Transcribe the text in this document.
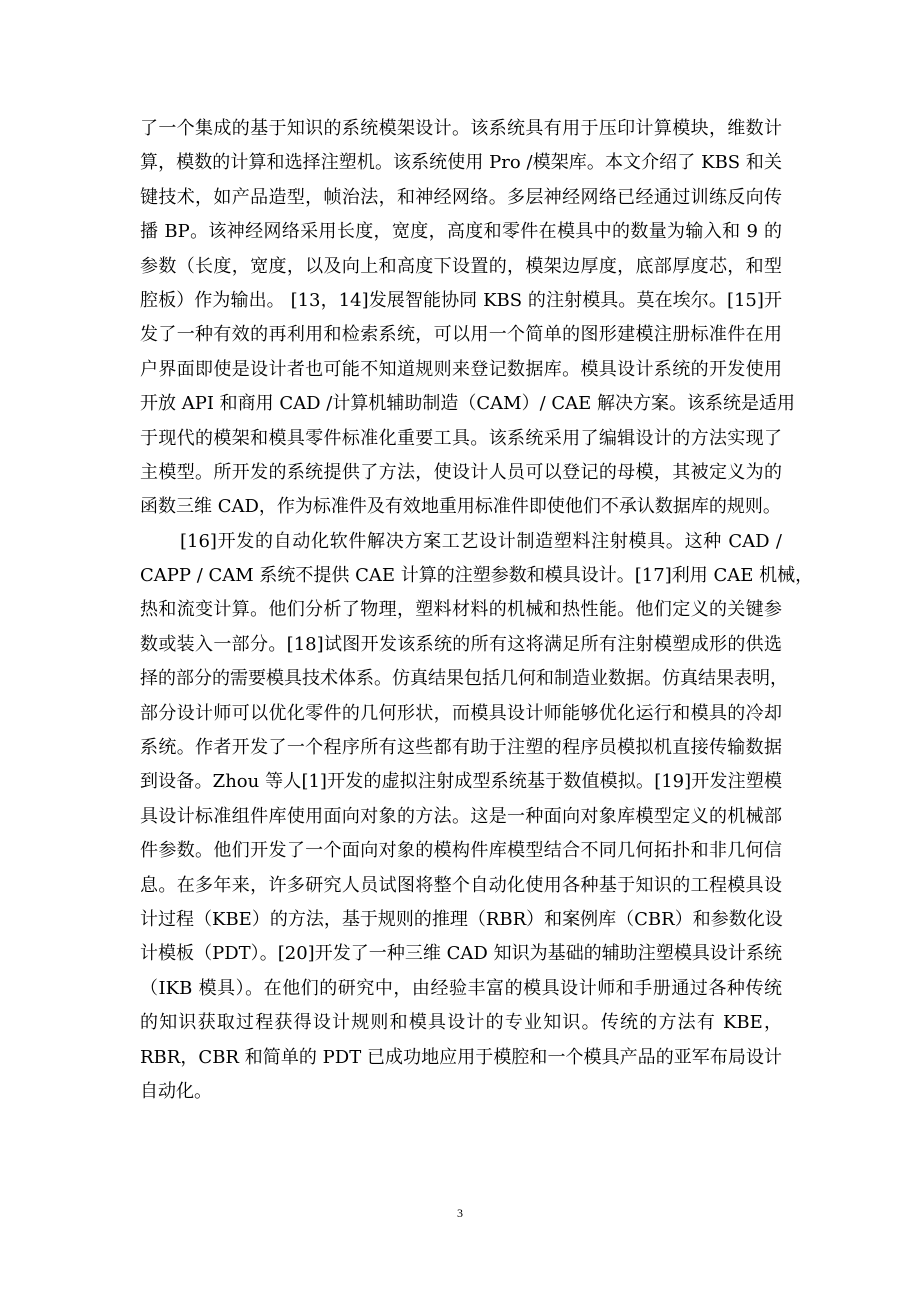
了一个集成的基于知识的系统模架设计。该系统具有用于压印计算模块，维数计
算，模数的计算和选择注塑机。该系统使用 Pro /模架库。本文介绍了 KBS 和关
键技术，如产品造型，帧治法，和神经网络。多层神经网络已经通过训练反向传
播 BP。该神经网络采用长度，宽度，高度和零件在模具中的数量为输入和 9 的
参数（长度，宽度，以及向上和高度下设置的，模架边厚度，底部厚度芯，和型
腔板）作为输出。 [13，14]发展智能协同 KBS 的注射模具。莫在埃尔。[15]开
发了一种有效的再利用和检索系统，可以用一个简单的图形建模注册标准件在用
户界面即使是设计者也可能不知道规则来登记数据库。模具设计系统的开发使用
开放 API 和商用 CAD /计算机辅助制造（CAM）/ CAE 解决方案。该系统是适用
于现代的模架和模具零件标准化重要工具。该系统采用了编辑设计的方法实现了
主模型。所开发的系统提供了方法，使设计人员可以登记的母模，其被定义为的
函数三维 CAD，作为标准件及有效地重用标准件即使他们不承认数据库的规则。
[16]开发的自动化软件解决方案工艺设计制造塑料注射模具。这种 CAD /
CAPP / CAM 系统不提供 CAE 计算的注塑参数和模具设计。[17]利用 CAE 机械，
热和流变计算。他们分析了物理，塑料材料的机械和热性能。他们定义的关键参
数或装入一部分。[18]试图开发该系统的所有这将满足所有注射模塑成形的供选
择的部分的需要模具技术体系。仿真结果包括几何和制造业数据。仿真结果表明，
部分设计师可以优化零件的几何形状，而模具设计师能够优化运行和模具的冷却
系统。作者开发了一个程序所有这些都有助于注塑的程序员模拟机直接传输数据
到设备。Zhou 等人[1]开发的虚拟注射成型系统基于数值模拟。[19]开发注塑模
具设计标准组件库使用面向对象的方法。这是一种面向对象库模型定义的机械部
件参数。他们开发了一个面向对象的模构件库模型结合不同几何拓扑和非几何信
息。在多年来，许多研究人员试图将整个自动化使用各种基于知识的工程模具设
计过程（KBE）的方法，基于规则的推理（RBR）和案例库（CBR）和参数化设
计模板（PDT）。[20]开发了一种三维 CAD 知识为基础的辅助注塑模具设计系统
（IKB 模具）。在他们的研究中，由经验丰富的模具设计师和手册通过各种传统
的知识获取过程获得设计规则和模具设计的专业知识。传统的方法有 KBE，
RBR，CBR 和简单的 PDT 已成功地应用于模腔和一个模具产品的亚军布局设计
自动化。
3
